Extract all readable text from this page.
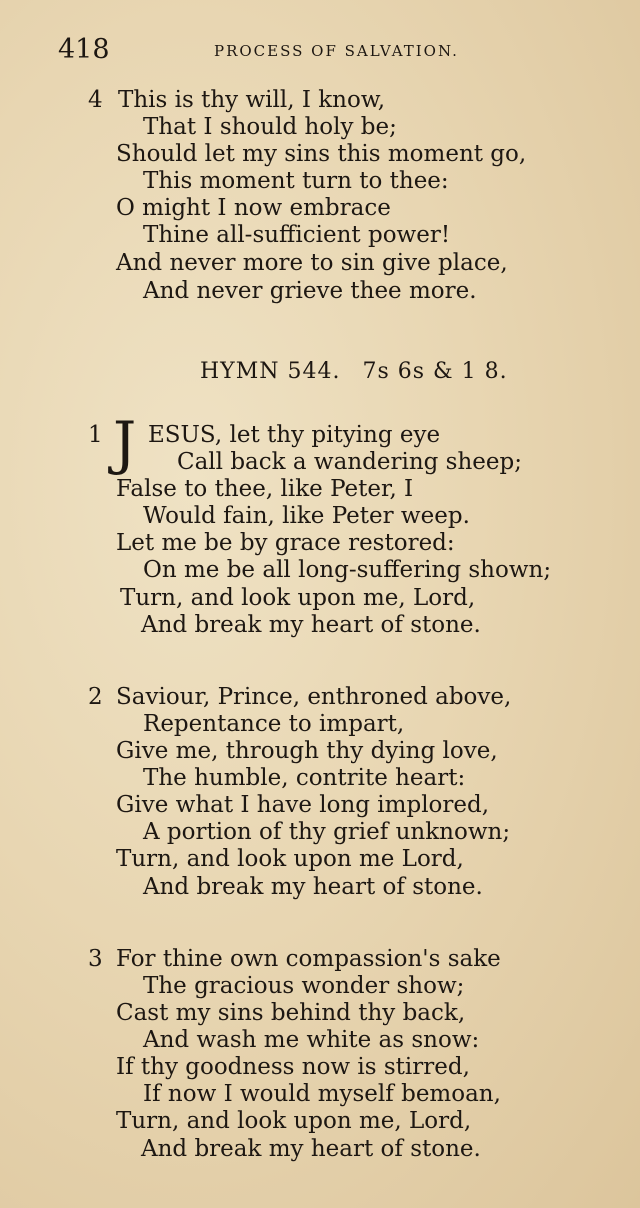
418	PROCESS OF SALVATION.
4 This is thy will, I know,
That I should holy be;
Should let my sins this moment go,
This moment turn to thee:
O might I now embrace
Thine all-sufficient power!
And never more to sin give place,
And never grieve thee more.
HYMN 544. 7s 6s & 1 8.
1 J ESUS, let thy pitying eye
Call back a wandering sheep;
False to thee, like Peter, I
Would fain, like Peter weep.
Let me be by grace restored:
On me be all long-suffering shown;
Turn, and look upon me, Lord,
And break my heart of stone.
2 Saviour, Prince, enthroned above,
Repentance to impart,
Give me, through thy dying love,
The humble, contrite heart:
Give what I have long implored,
A portion of thy grief unknown;
Turn, and look upon me Lord,
And break my heart of stone.
3 For thine own compassion's sake
The gracious wonder show;
Cast my sins behind thy back,
And wash me white as snow:
If thy goodness now is stirred,
If now I would myself bemoan,
Turn, and look upon me, Lord,
And break my heart of stone.
